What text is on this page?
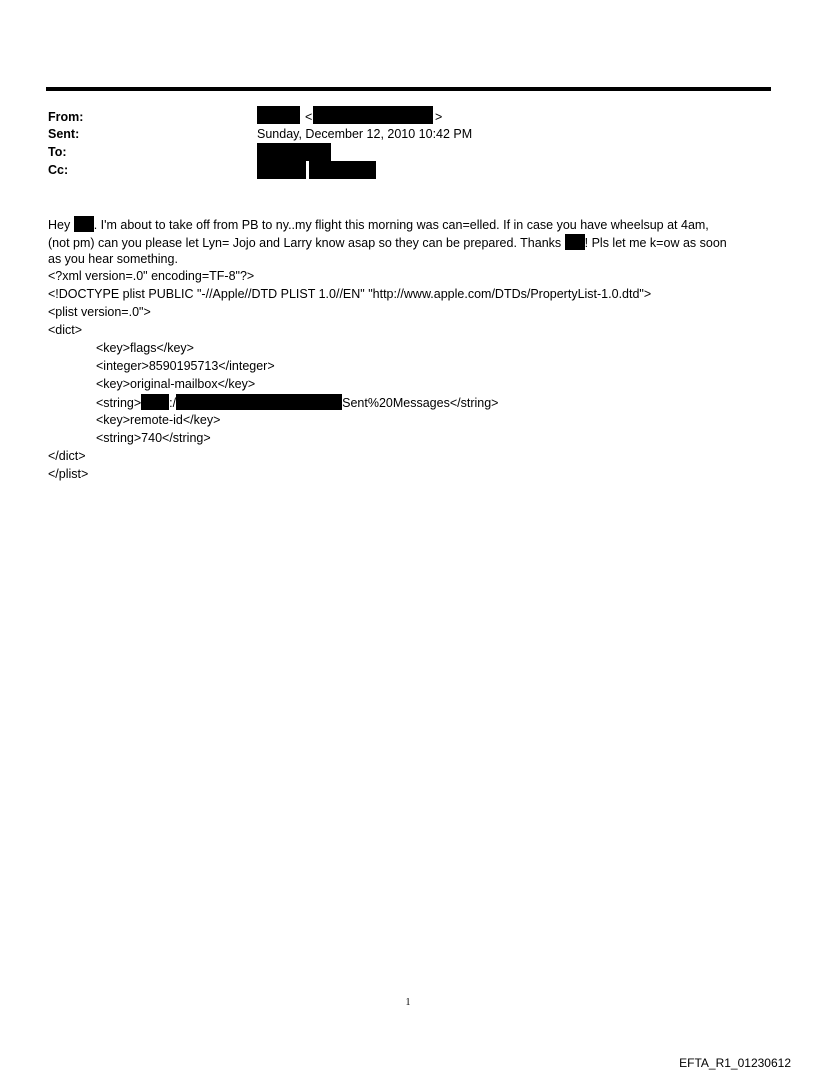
From:
Sent:
To:
Cc:
<	>
Sunday, December 12, 2010 10:42 PM
Hey . I'm about to take off from PB to ny..my flight this morning was can=elled. If in case you have wheelsup at 4am,
(not pm) can you please let Lyn= Jojo and Larry know asap so they can be prepared. Thanks ! Pls let me k=ow as soon
as you hear something.
<?xml version=.0" encoding=TF-8"?>
<!DOCTYPE plist PUBLIC "-//Apple//DTD PLIST 1.0//EN" "http://www.apple.com/DTDs/PropertyList-1.0.dtd">
<plist version=.0">
<dict>
<key>flags</key>
<integer>8590195713</integer>
<key>original-mailbox</key>
<string> :/	Sent%20Messages</string>
<key>remote-id</key>
<string>740</string>
</dict>
</plist>
1
EFTA_R1_01230612
